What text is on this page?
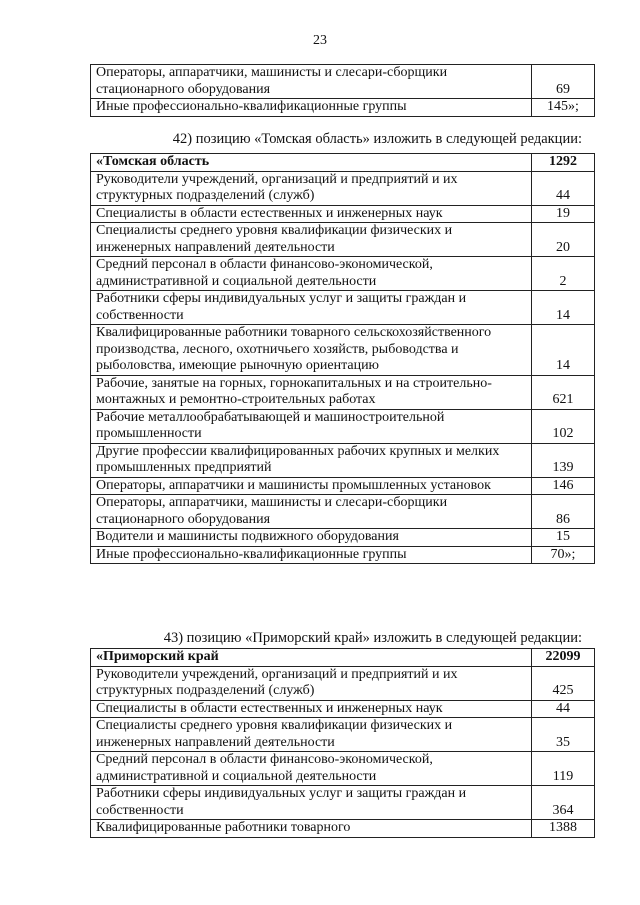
23
Операторы, аппаратчики, машинисты и слесари-сборщики стационарного оборудования	69
Иные профессионально-квалификационные группы	145»;
42) позицию «Томская область» изложить в следующей редакции:
«Томская область	1292
Руководители учреждений, организаций и предприятий и их структурных подразделений (служб)	44
Специалисты в области естественных и инженерных наук	19
Специалисты среднего уровня квалификации физических и инженерных направлений деятельности	20
Средний персонал в области финансово-экономической, административной и социальной деятельности	2
Работники сферы индивидуальных услуг и защиты граждан и собственности	14
Квалифицированные работники товарного сельскохозяйственного производства, лесного, охотничьего хозяйств, рыбоводства и рыболовства, имеющие рыночную ориентацию	14
Рабочие, занятые на горных, горнокапитальных и на строительно-монтажных и ремонтно-строительных работах	621
Рабочие металлообрабатывающей и машиностроительной промышленности	102
Другие профессии квалифицированных рабочих крупных и мелких промышленных предприятий	139
Операторы, аппаратчики и машинисты промышленных установок	146
Операторы, аппаратчики, машинисты и слесари-сборщики стационарного оборудования	86
Водители и машинисты подвижного оборудования	15
Иные профессионально-квалификационные группы	70»;
43) позицию «Приморский край» изложить в следующей редакции:
«Приморский край	22099
Руководители учреждений, организаций и предприятий и их структурных подразделений (служб)	425
Специалисты в области естественных и инженерных наук	44
Специалисты среднего уровня квалификации физических и инженерных направлений деятельности	35
Средний персонал в области финансово-экономической, административной и социальной деятельности	119
Работники сферы индивидуальных услуг и защиты граждан и собственности	364
Квалифицированные работники товарного	1388
